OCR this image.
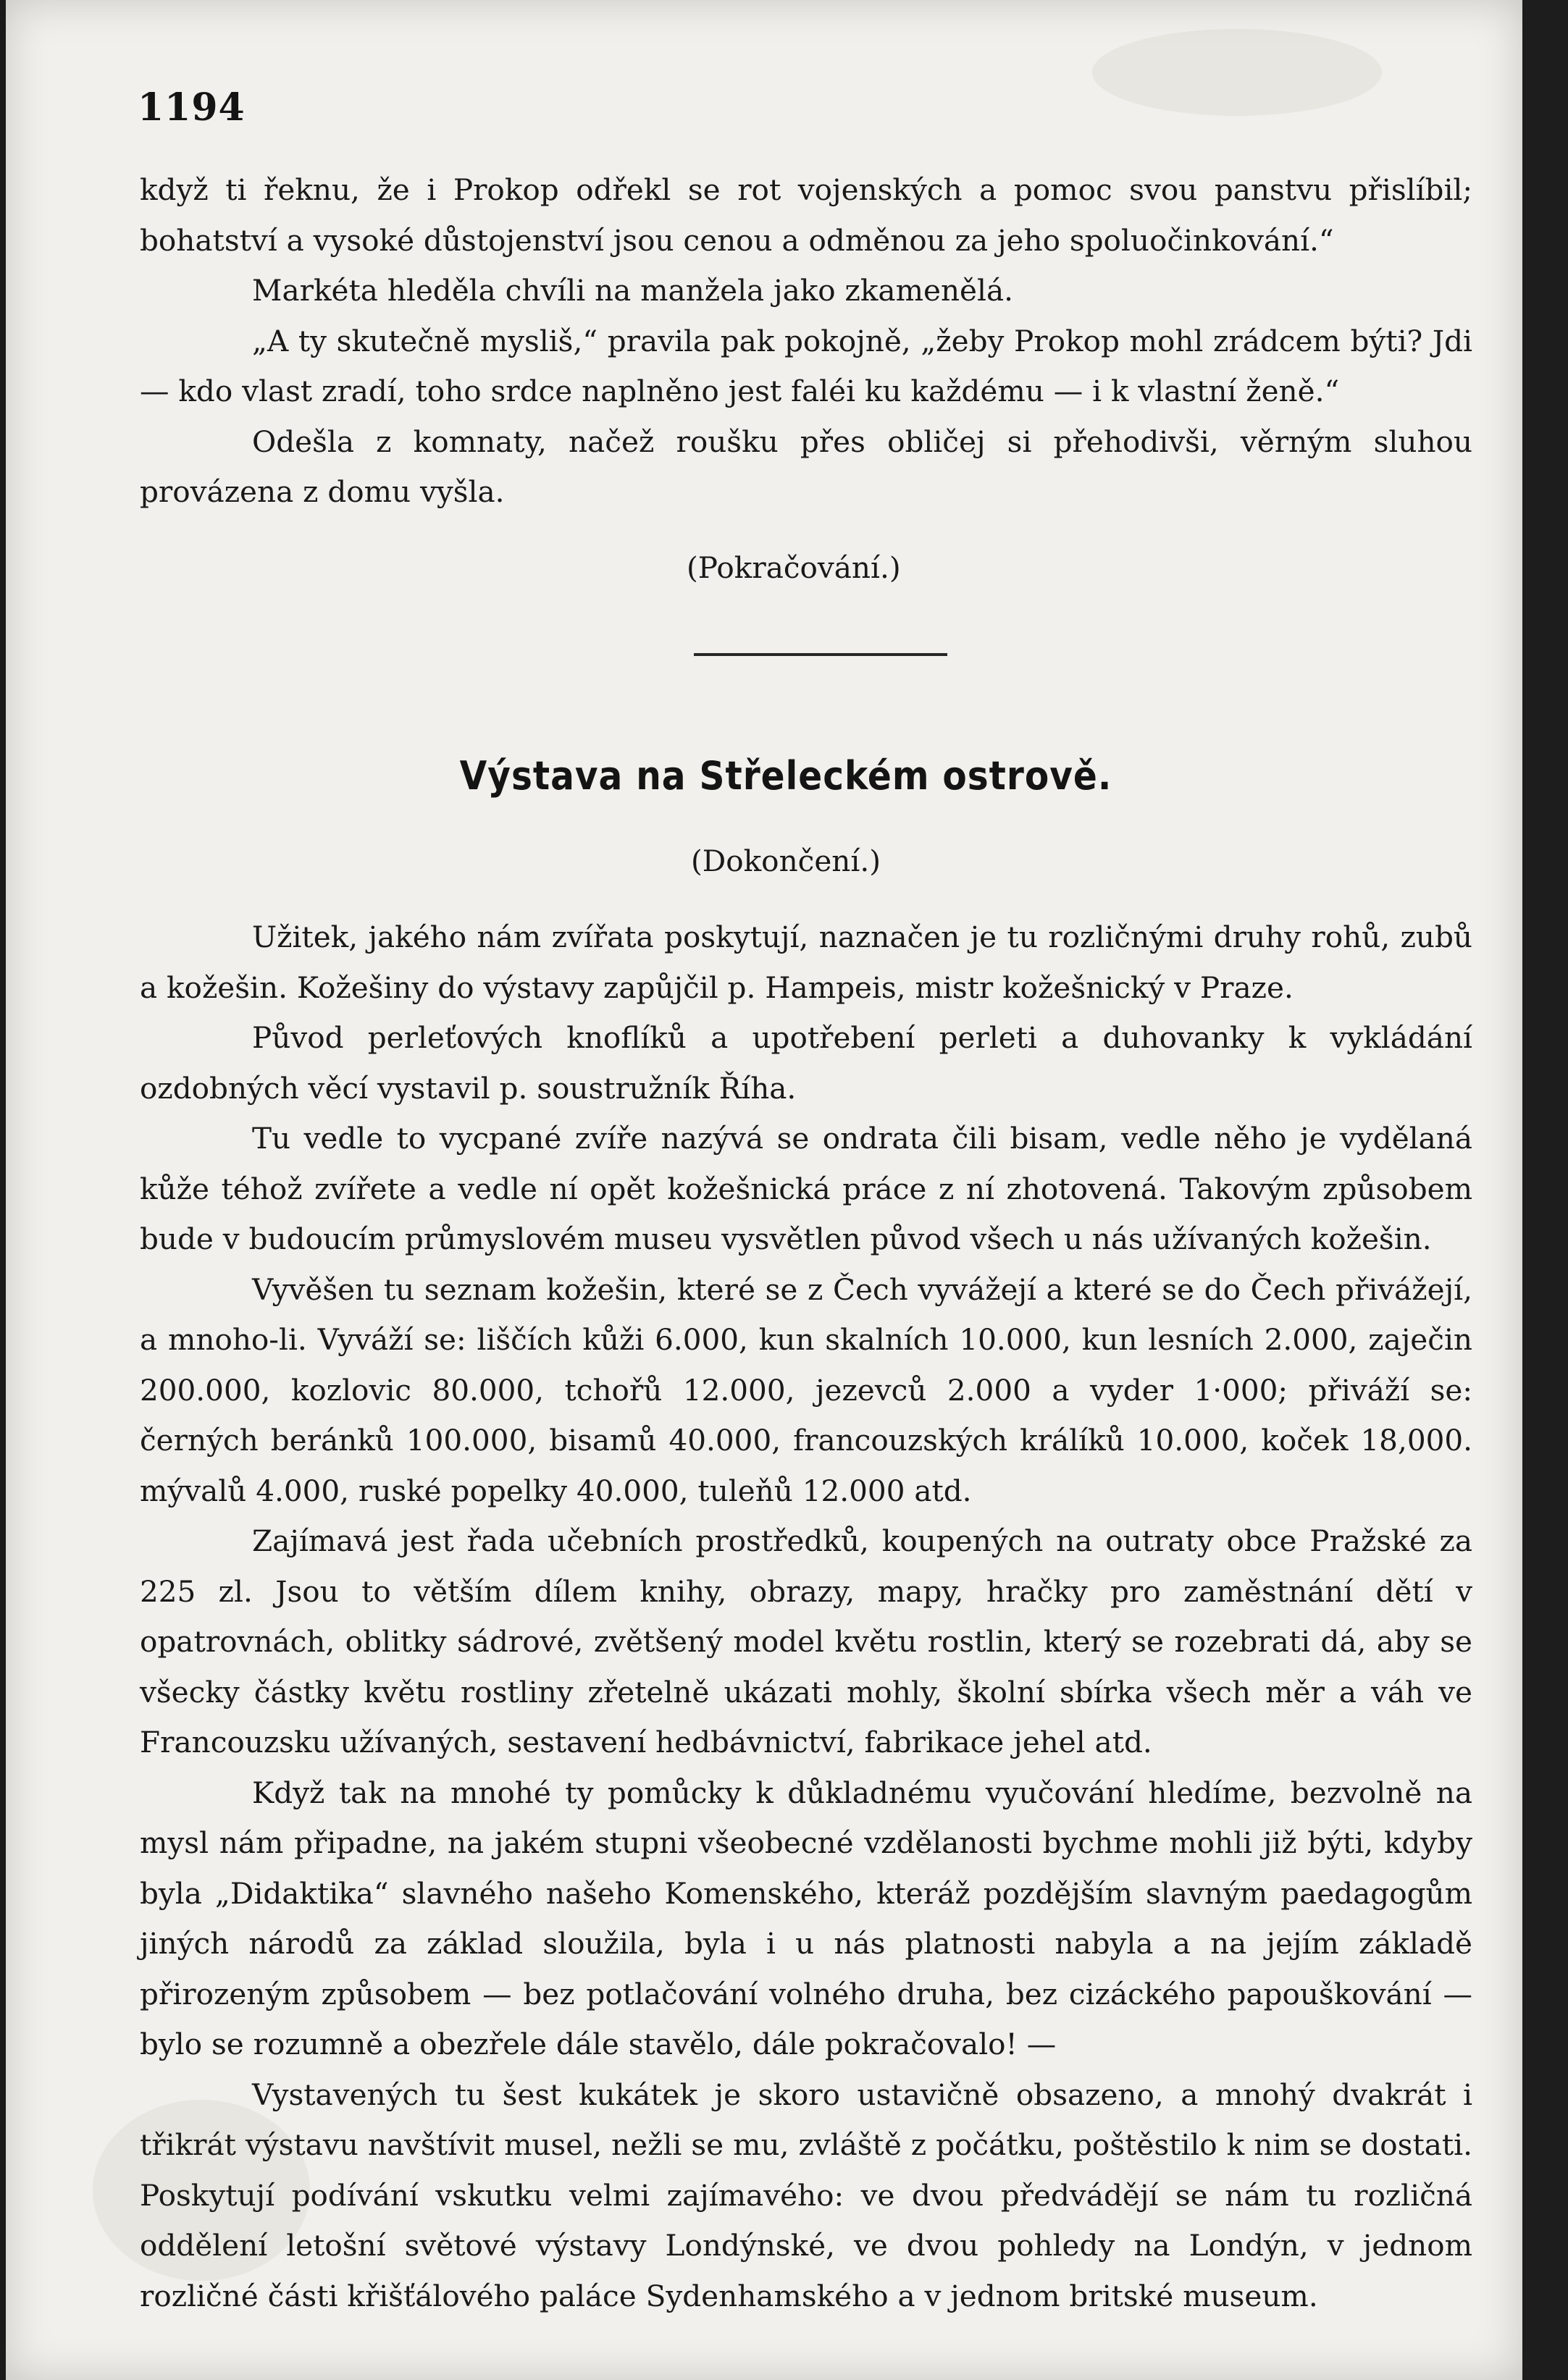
1194

když ti řeknu, že i Prokop odřekl se rot vojenských a pomoc svou panstvu přislíbil; bohatství a vysoké důstojenství jsou cenou a odměnou za jeho spoluočinkování.“

Markéta hleděla chvíli na manžela jako zkamenělá.

„A ty skutečně mysliš,“ pravila pak pokojně, „žeby Prokop mohl zrádcem býti? Jdi — kdo vlast zradí, toho srdce naplněno jest faléi ku každému — i k vlastní ženě.“

Odešla z komnaty, načež roušku přes obličej si přehodivši, věrným sluhou provázena z domu vyšla.

(Pokračování.)
Výstava na Střeleckém ostrově.
(Dokončení.)

Užitek, jakého nám zvířata poskytují, naznačen je tu rozličnými druhy rohů, zubů a kožešin. Kožešiny do výstavy zapůjčil p. Hampeis, mistr kožešnický v Praze.

Původ perleťových knoflíků a upotřebení perleti a duhovanky k vykládání ozdobných věcí vystavil p. soustružník Říha.

Tu vedle to vycpané zvíře nazývá se ondrata čili bisam, vedle něho je vydělaná kůže téhož zvířete a vedle ní opět kožešnická práce z ní zhotovená. Takovým způsobem bude v budoucím průmyslovém museu vysvětlen původ všech u nás užívaných kožešin.

Vyvěšen tu seznam kožešin, které se z Čech vyvážejí a které se do Čech přivážejí, a mnoho-li. Vyváží se: liščích kůži 6.000, kun skalních 10.000, kun lesních 2.000, zaječin 200.000, kozlovic 80.000, tchořů 12.000, jezevců 2.000 a vyder 1·000; přiváží se: černých beránků 100.000, bisamů 40.000, francouzských králíků 10.000, koček 18,000. mývalů 4.000, ruské popelky 40.000, tuleňů 12.000 atd.

Zajímavá jest řada učebních prostředků, koupených na outraty obce Pražské za 225 zl. Jsou to větším dílem knihy, obrazy, mapy, hračky pro zaměstnání dětí v opatrovnách, oblitky sádrové, zvětšený model květu rostlin, který se rozebrati dá, aby se všecky částky květu rostliny zřetelně ukázati mohly, školní sbírka všech měr a váh ve Francouzsku užívaných, sestavení hedbávnictví, fabrikace jehel atd.

Když tak na mnohé ty pomůcky k důkladnému vyučování hledíme, bezvolně na mysl nám připadne, na jakém stupni všeobecné vzdělanosti bychme mohli již býti, kdyby byla „Didaktika“ slavného našeho Komenského, kteráž pozdějším slavným paedagogům jiných národů za základ sloužila, byla i u nás platnosti nabyla a na jejím základě přirozeným způsobem — bez potlačování volného druha, bez cizáckého papouškování — bylo se rozumně a obezřele dále stavělo, dále pokračovalo! —

Vystavených tu šest kukátek je skoro ustavičně obsazeno, a mnohý dvakrát i třikrát výstavu navštívit musel, nežli se mu, zvláště z počátku, poštěstilo k nim se dostati. Poskytují podívání vskutku velmi zajímavého: ve dvou předvádějí se nám tu rozličná oddělení letošní světové výstavy Londýnské, ve dvou pohledy na Londýn, v jednom rozličné části křišťálového paláce Sydenhamského a v jednom britské museum.
